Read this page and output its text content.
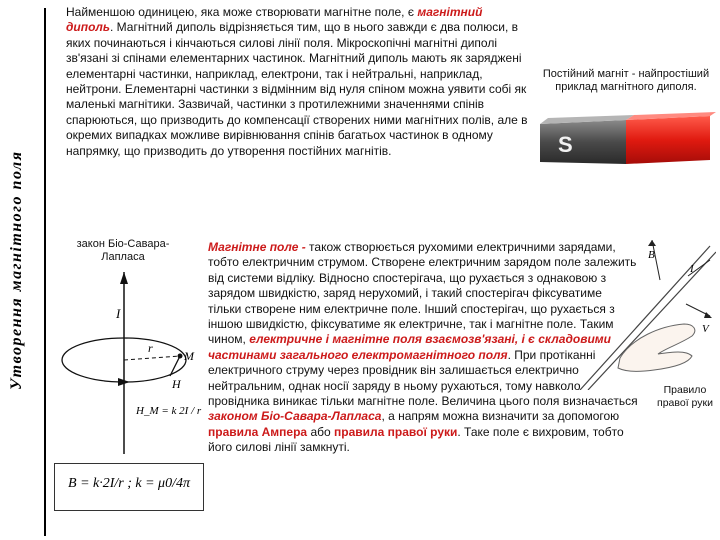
Утворення магнітного поля

Найменшою одиницею, яка може створювати магнітне поле, є магнітний диполь. Магнітний диполь відрізняється тим, що в нього завжди є два полюси, в яких починаються і кінчаються силові лінії поля. Мікроскопічні магнітні диполі зв'язані зі спінами елементарних частинок. Магнітний диполь мають як заряджені елементарні частинки, наприклад, електрони, так і нейтральні, наприклад, нейтрони. Елементарні частинки з відмінним від нуля спіном можна уявити собі як маленькі магнітики. Зазвичай, частинки з протилежними значеннями спінів спарюються, що призводить до компенсації створених ними магнітних полів, але в окремих випадках можливе вирівнювання спінів багатьох частинок в одному напрямку, що призводить до утворення постійних магнітів.

Постійний магніт - найпростіший приклад магнітного диполя.
S
закон Біо-Савара-Лапласа
I
r
M
H
H_M = k 2I / r
B = k·2I/r ; k = μ0/4π

Магнітне поле - також створюється рухомими електричними зарядами, тобто електричним струмом. Створене електричним зарядом поле залежить від системи відліку. Відносно спостерігача, що рухається з однаковою з зарядом швидкістю, заряд нерухомий, і такий спостерігач фіксуватиме тільки створене ним електричне поле. Інший спостерігач, що рухається з іншою швидкістю, фіксуватиме як електричне, так і магнітне поле. Таким чином, електричне і магнітне поля взаємозв'язані, і є складовими частинами загального електромагнітного поля. При протіканні електричного струму через провідник він залишається електрично нейтральним, однак носії заряду в ньому рухаються, тому навколо провідника виникає тільки магнітне поле. Величина цього поля визначається законом Біо-Савара-Лапласа, а напрям можна визначити за допомогою правила Ампера або правила правої руки. Таке поле є вихровим, тобто його силові лінії замкнуті.

B
I
V
Правило правої руки
